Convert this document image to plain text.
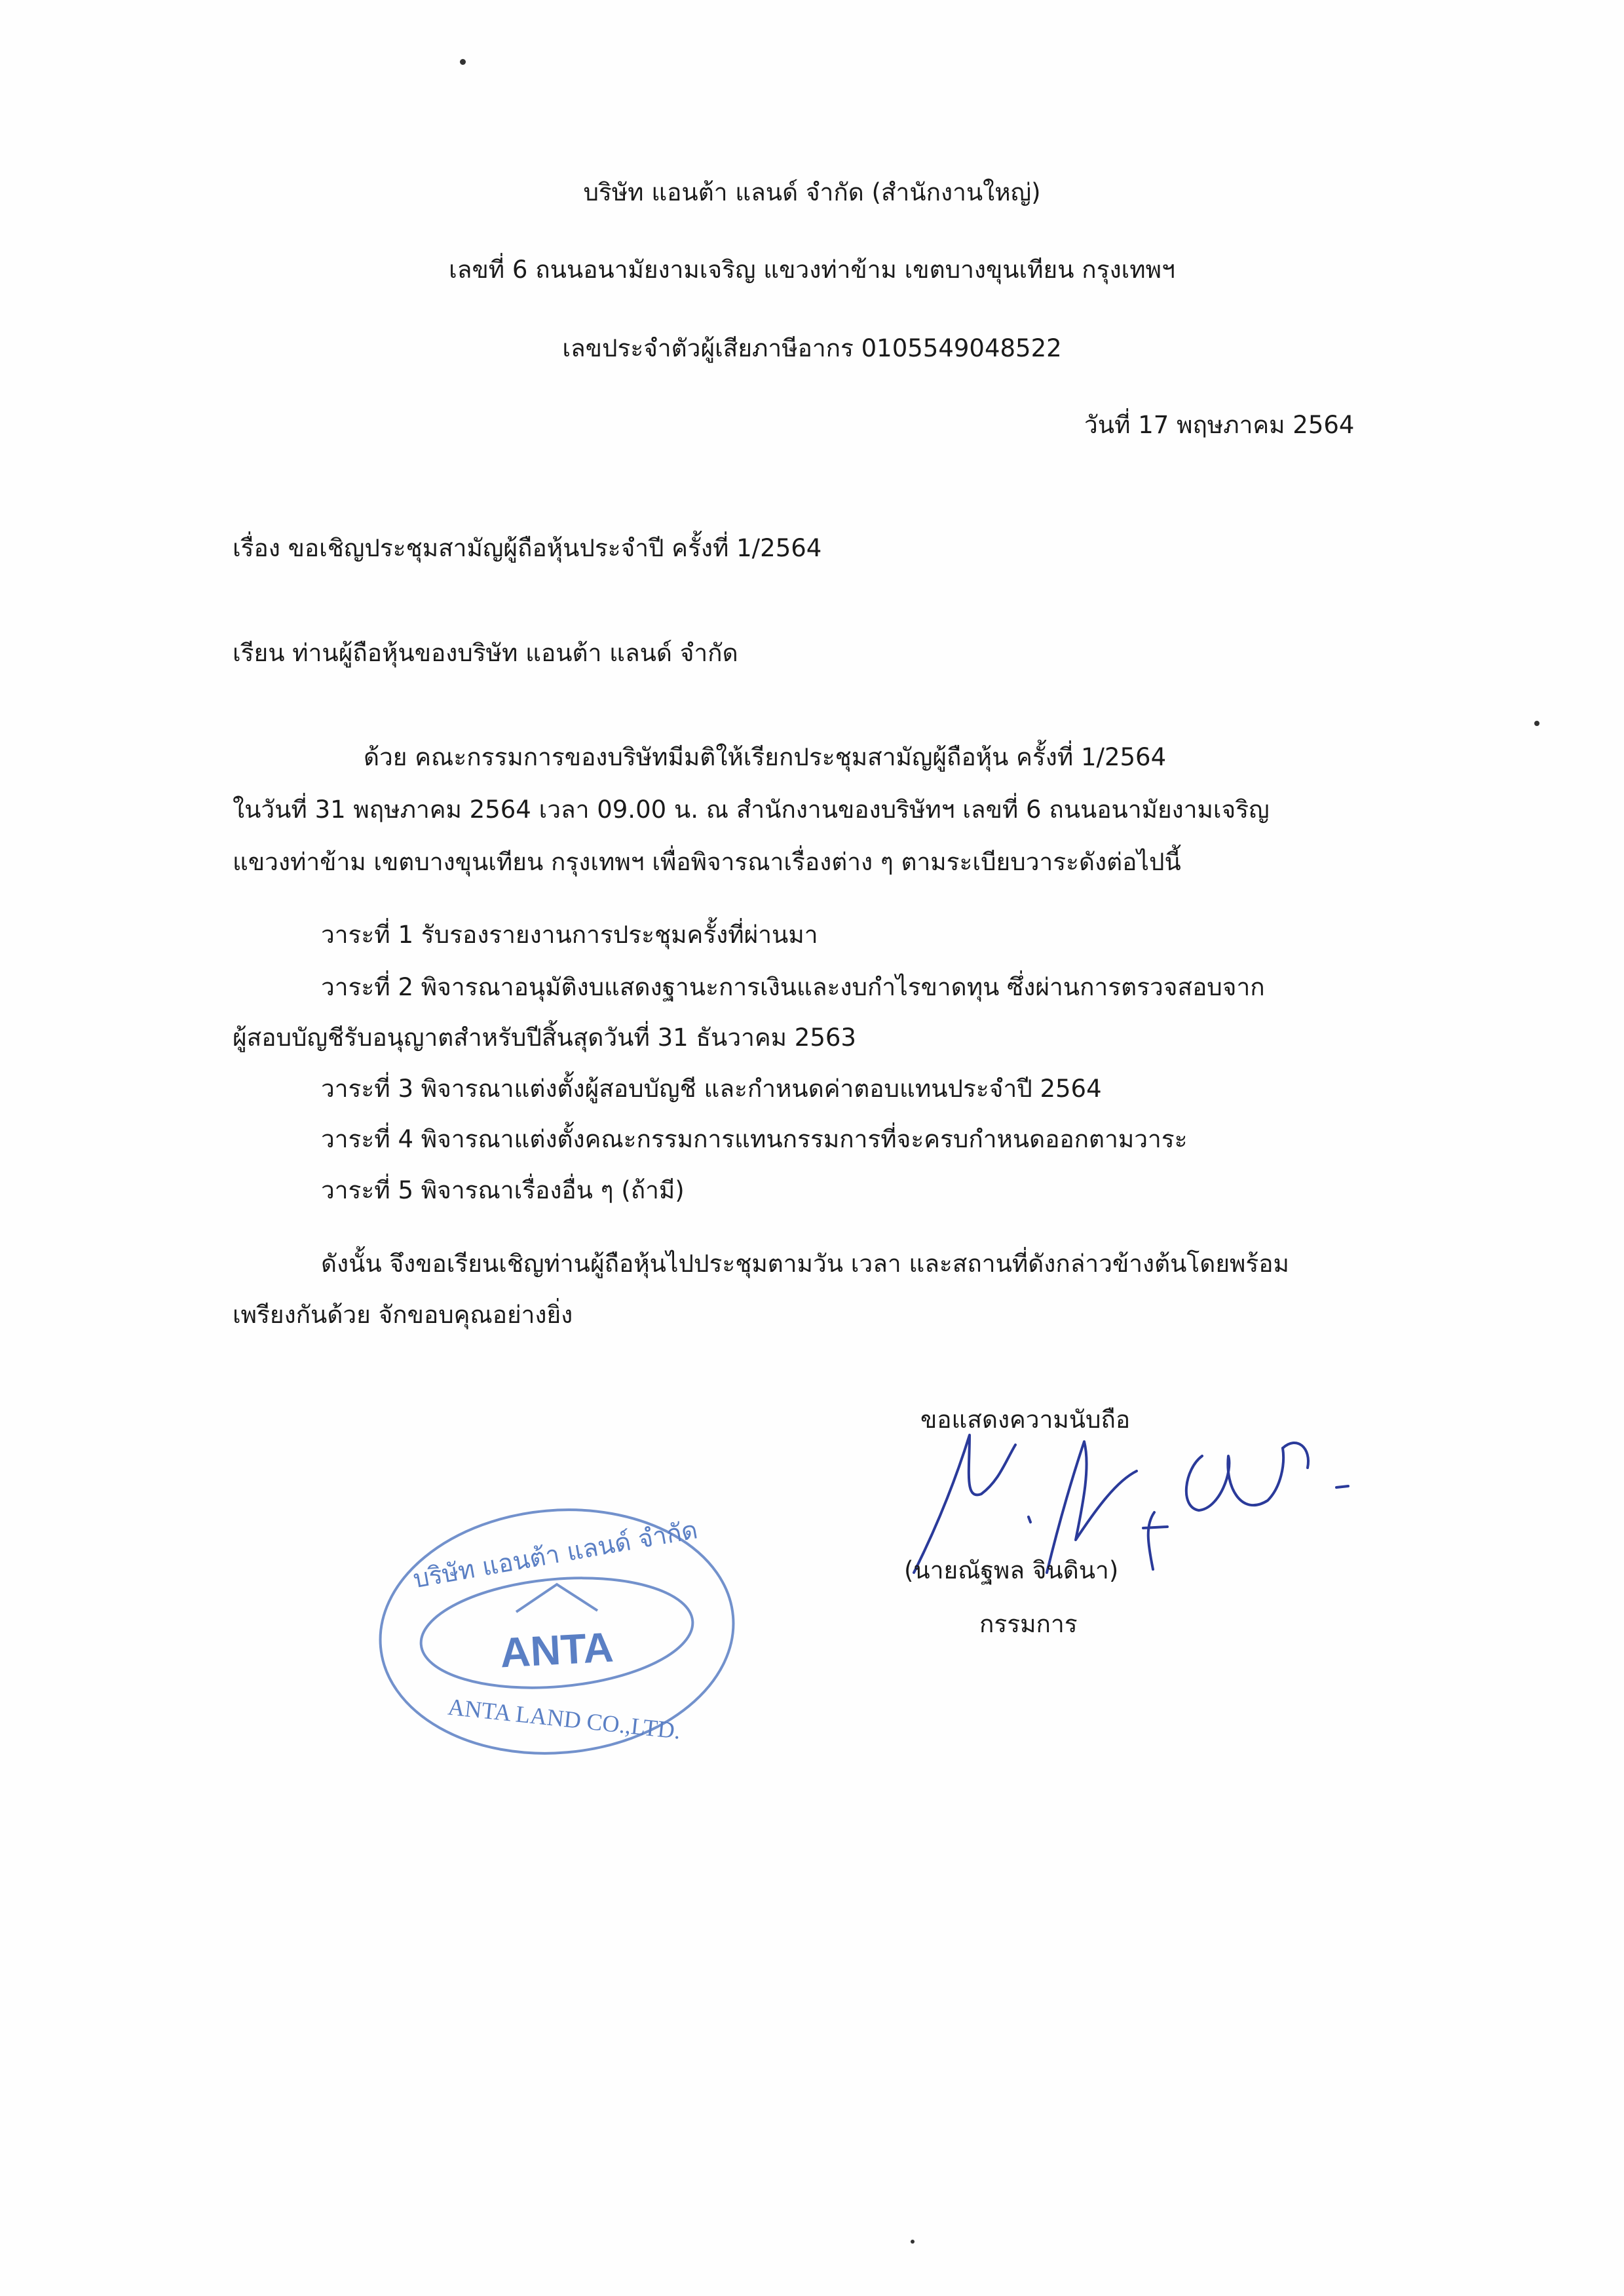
บริษัท แอนต้า แลนด์ จำกัด (สำนักงานใหญ่)
เลขที่ 6 ถนนอนามัยงามเจริญ แขวงท่าข้าม เขตบางขุนเทียน กรุงเทพฯ
เลขประจำตัวผู้เสียภาษีอากร 0105549048522
วันที่ 17 พฤษภาคม 2564
เรื่อง ขอเชิญประชุมสามัญผู้ถือหุ้นประจำปี ครั้งที่ 1/2564
เรียน ท่านผู้ถือหุ้นของบริษัท แอนต้า แลนด์ จำกัด
ด้วย คณะกรรมการของบริษัทมีมติให้เรียกประชุมสามัญผู้ถือหุ้น ครั้งที่ 1/2564
ในวันที่ 31 พฤษภาคม 2564 เวลา 09.00 น. ณ สำนักงานของบริษัทฯ เลขที่ 6 ถนนอนามัยงามเจริญ
แขวงท่าข้าม เขตบางขุนเทียน กรุงเทพฯ เพื่อพิจารณาเรื่องต่าง ๆ ตามระเบียบวาระดังต่อไปนี้
วาระที่ 1 รับรองรายงานการประชุมครั้งที่ผ่านมา
วาระที่ 2 พิจารณาอนุมัติงบแสดงฐานะการเงินและงบกำไรขาดทุน ซึ่งผ่านการตรวจสอบจาก
ผู้สอบบัญชีรับอนุญาตสำหรับปีสิ้นสุดวันที่ 31 ธันวาคม 2563
วาระที่ 3 พิจารณาแต่งตั้งผู้สอบบัญชี และกำหนดค่าตอบแทนประจำปี 2564
วาระที่ 4 พิจารณาแต่งตั้งคณะกรรมการแทนกรรมการที่จะครบกำหนดออกตามวาระ
วาระที่ 5 พิจารณาเรื่องอื่น ๆ (ถ้ามี)
ดังนั้น จึงขอเรียนเชิญท่านผู้ถือหุ้นไปประชุมตามวัน เวลา และสถานที่ดังกล่าวข้างต้นโดยพร้อม
เพรียงกันด้วย จักขอบคุณอย่างยิ่ง
ขอแสดงความนับถือ
(นายณัฐพล จินดินา)
กรรมการ
ANTA
บริษัท แอนต้า แลนด์ จำกัด
ANTA LAND CO.,LTD.
